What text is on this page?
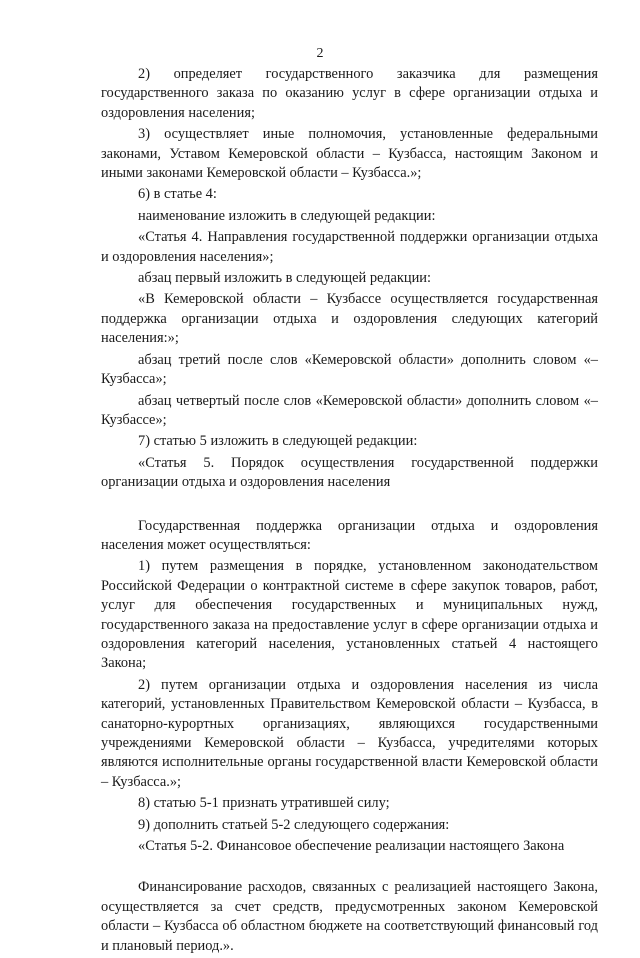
2

2) определяет государственного заказчика для размещения государственного заказа по оказанию услуг в сфере организации отдыха и оздоровления населения;

3) осуществляет иные полномочия, установленные федеральными законами, Уставом Кемеровской области – Кузбасса, настоящим Законом и иными законами Кемеровской области – Кузбасса.»;

6) в статье 4:

наименование изложить в следующей редакции:

«Статья 4. Направления государственной поддержки организации отдыха и оздоровления населения»;

абзац первый изложить в следующей редакции:

«В Кемеровской области – Кузбассе осуществляется государственная поддержка организации отдыха и оздоровления следующих категорий населения:»;

абзац третий после слов «Кемеровской области» дополнить словом «– Кузбасса»;

абзац четвертый после слов «Кемеровской области» дополнить словом «– Кузбассе»;

7) статью 5 изложить в следующей редакции:

«Статья 5. Порядок осуществления государственной поддержки организации отдыха и оздоровления населения

Государственная поддержка организации отдыха и оздоровления населения может осуществляться:

1) путем размещения в порядке, установленном законодательством Российской Федерации о контрактной системе в сфере закупок товаров, работ, услуг для обеспечения государственных и муниципальных нужд, государственного заказа на предоставление услуг в сфере организации отдыха и оздоровления категорий населения, установленных статьей 4 настоящего Закона;

2) путем организации отдыха и оздоровления населения из числа категорий, установленных Правительством Кемеровской области – Кузбасса, в санаторно-курортных организациях, являющихся государственными учреждениями Кемеровской области – Кузбасса, учредителями которых являются исполнительные органы государственной власти Кемеровской области – Кузбасса.»;

8) статью 5-1 признать утратившей силу;

9) дополнить статьей 5-2 следующего содержания:

«Статья 5-2. Финансовое обеспечение реализации настоящего Закона

Финансирование расходов, связанных с реализацией настоящего Закона, осуществляется за счет средств, предусмотренных законом Кемеровской области – Кузбасса об областном бюджете на соответствующий финансовый год и плановый период.».
